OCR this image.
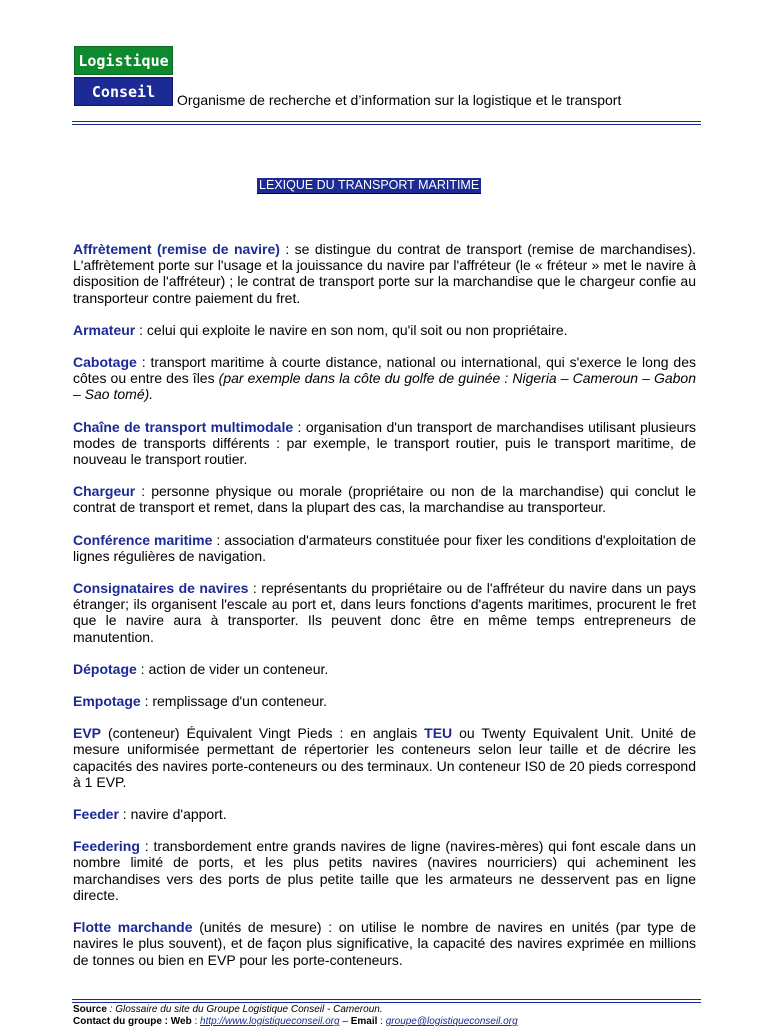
Logistique
Conseil	Organisme de recherche et d’information sur la logistique et le transport
LEXIQUE DU TRANSPORT MARITIME

Affrètement (remise de navire) : se distingue du contrat de transport (remise de marchandises). L'affrètement porte sur l'usage et la jouissance du navire par l'affréteur (le « fréteur » met le navire à disposition de l'affréteur) ; le contrat de transport porte sur la marchandise que le chargeur confie au transporteur contre paiement du fret.

Armateur : celui qui exploite le navire en son nom, qu'il soit ou non propriétaire.

Cabotage : transport maritime à courte distance, national ou international, qui s'exerce le long des côtes ou entre des îles (par exemple dans la côte du golfe de guinée : Nigeria – Cameroun – Gabon – Sao tomé).

Chaîne de transport multimodale : organisation d'un transport de marchandises utilisant plusieurs modes de transports différents : par exemple, le transport routier, puis le transport maritime, de nouveau le transport routier.

Chargeur : personne physique ou morale (propriétaire ou non de la marchandise) qui conclut le contrat de transport et remet, dans la plupart des cas, la marchandise au transporteur.

Conférence maritime : association d'armateurs constituée pour fixer les conditions d'exploitation de lignes régulières de navigation.

Consignataires de navires : représentants du propriétaire ou de l'affréteur du navire dans un pays étranger; ils organisent l'escale au port et, dans leurs fonctions d'agents maritimes, procurent le fret que le navire aura à transporter. Ils peuvent donc être en même temps entrepreneurs de manutention.

Dépotage : action de vider un conteneur.

Empotage : remplissage d'un conteneur.

EVP (conteneur) Équivalent Vingt Pieds : en anglais TEU ou Twenty Equivalent Unit. Unité de mesure uniformisée permettant de répertorier les conteneurs selon leur taille et de décrire les capacités des navires porte-conteneurs ou des terminaux. Un conteneur IS0 de 20 pieds correspond à 1 EVP.

Feeder : navire d'apport.

Feedering : transbordement entre grands navires de ligne (navires-mères) qui font escale dans un nombre limité de ports, et les plus petits navires (navires nourriciers) qui acheminent les marchandises vers des ports de plus petite taille que les armateurs ne desservent pas en ligne directe.

Flotte marchande (unités de mesure) : on utilise le nombre de navires en unités (par type de navires le plus souvent), et de façon plus significative, la capacité des navires exprimée en millions de tonnes ou bien en EVP pour les porte-conteneurs.

Source : Glossaire du site du Groupe Logistique Conseil - Cameroun.
Contact du groupe : Web : http://www.logistiqueconseil.org – Email : groupe@logistiqueconseil.org
